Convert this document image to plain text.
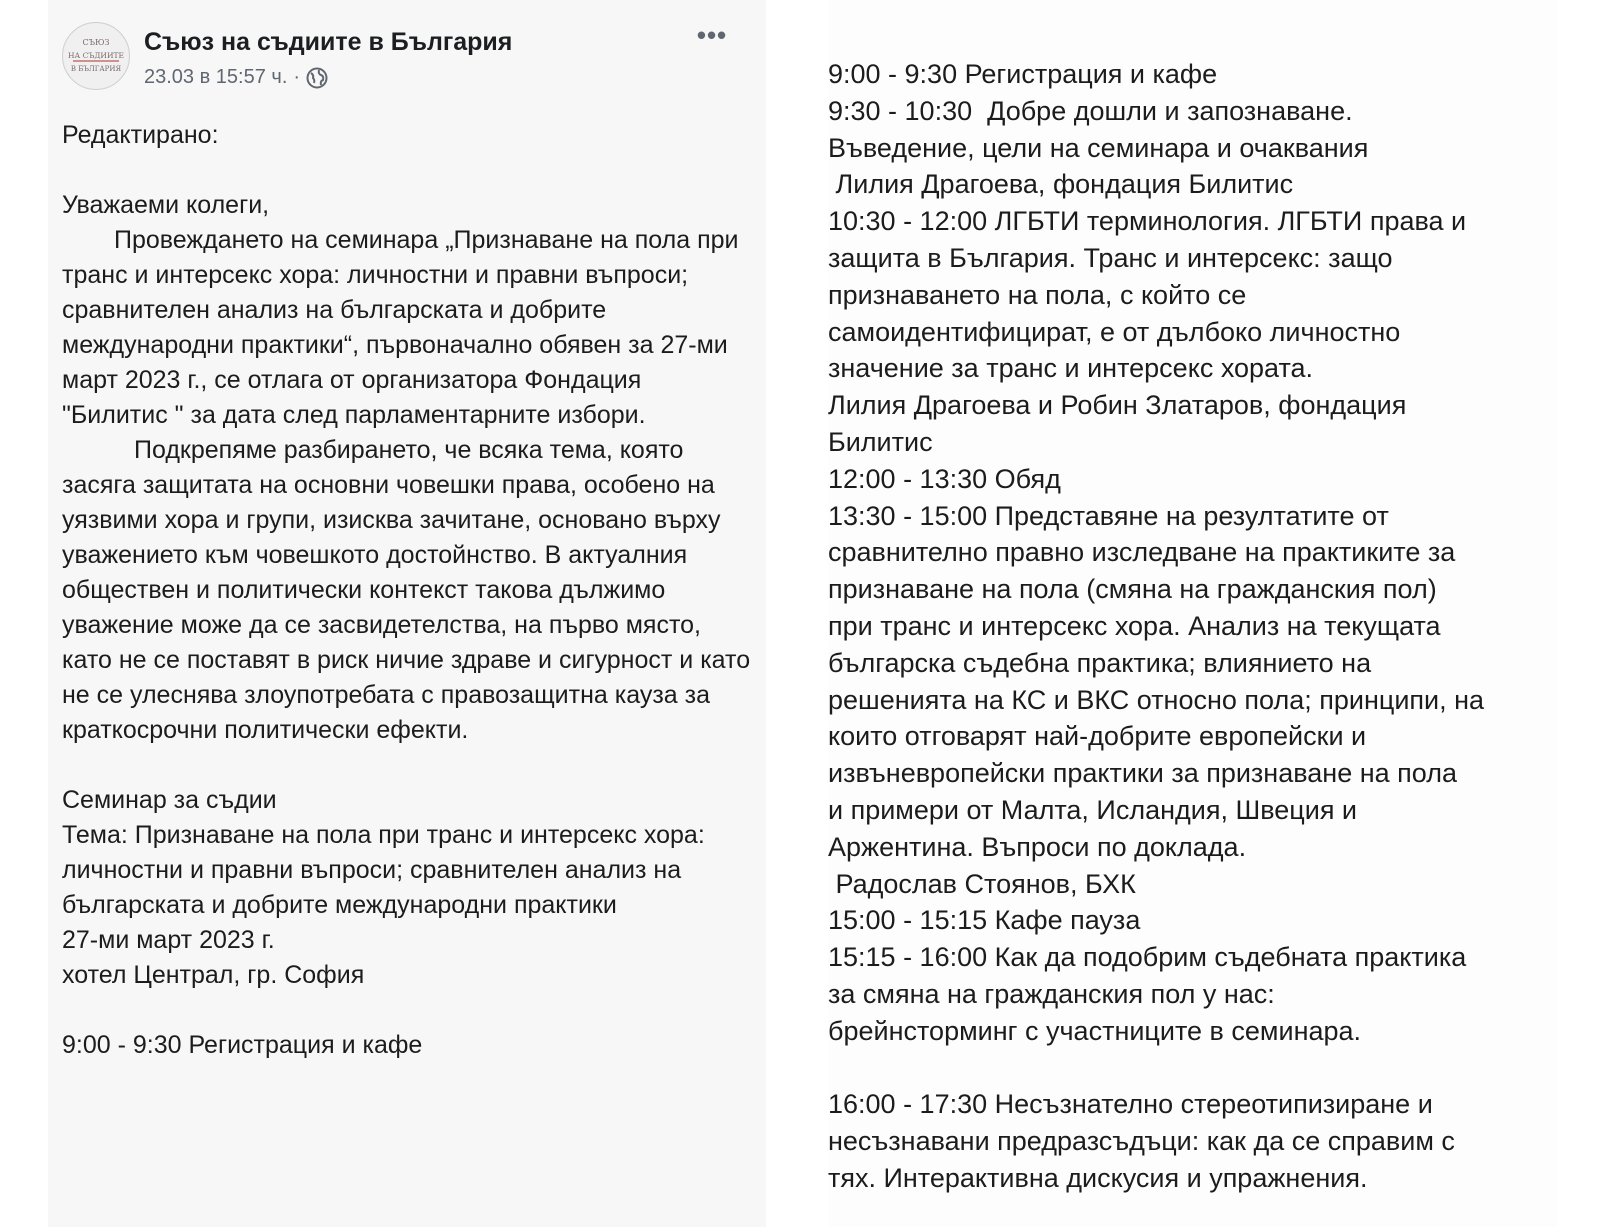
СЪЮЗ
НА СЪДИИТЕ
В БЪЛГАРИЯ
Съюз на съдиите в България
23.03 в 15:57 ч. ·
•••

Редактирано:

Уважаеми колеги,

Провеждането на семинара „Признаване на пола при транс и интерсекс хора: личностни и правни въпроси; сравнителен анализ на българската и добрите международни практики“, първоначално обявен за 27-ми март 2023 г., се отлага от организатора Фондация "Билитис " за дата след парламентарните избори.

Подкрепяме разбирането, че всяка тема, която засяга защитата на основни човешки права, особено на уязвими хора и групи, изисква зачитане, основано върху уважението към човешкото достойнство. В актуалния обществен и политически контекст такова дължимо уважение може да се засвидетелства, на първо място, като не се поставят в риск ничие здраве и сигурност и като не се улеснява злоупотребата с правозащитна кауза за краткосрочни политически ефекти.

Семинар за съдии

Тема: Признаване на пола при транс и интерсекс хора: личностни и правни въпроси; сравнителен анализ на българската и добрите международни практики

27-ми март 2023 г.

хотел Централ, гр. София

9:00 - 9:30 Регистрация и кафе

9:00 - 9:30 Регистрация и кафе

9:30 - 10:30  Добре дошли и запознаване.

Въведение, цели на семинара и очаквания

Лилия Драгоева, фондация Билитис

10:30 - 12:00 ЛГБТИ терминология. ЛГБТИ права и

защита в България. Транс и интерсекс: защо

признаването на пола, с който се

самоидентифицират, е от дълбоко личностно

значение за транс и интерсекс хората.

Лилия Драгоева и Робин Златаров, фондация

Билитис

12:00 - 13:30 Обяд

13:30 - 15:00 Представяне на резултатите от

сравнително правно изследване на практиките за

признаване на пола (смяна на гражданския пол)

при транс и интерсекс хора. Анализ на текущата

българска съдебна практика; влиянието на

решенията на КС и ВКС относно пола; принципи, на

които отговарят най-добрите европейски и

извъневропейски практики за признаване на пола

и примери от Малта, Исландия, Швеция и

Аржентина. Въпроси по доклада.

Радослав Стоянов, БХК

15:00 - 15:15 Кафе пауза

15:15 - 16:00 Как да подобрим съдебната практика

за смяна на гражданския пол у нас:

брейнсторминг с участниците в семинара.

16:00 - 17:30 Несъзнателно стереотипизиране и

несъзнавани предразсъдъци: как да се справим с

тях. Интерактивна дискусия и упражнения.
